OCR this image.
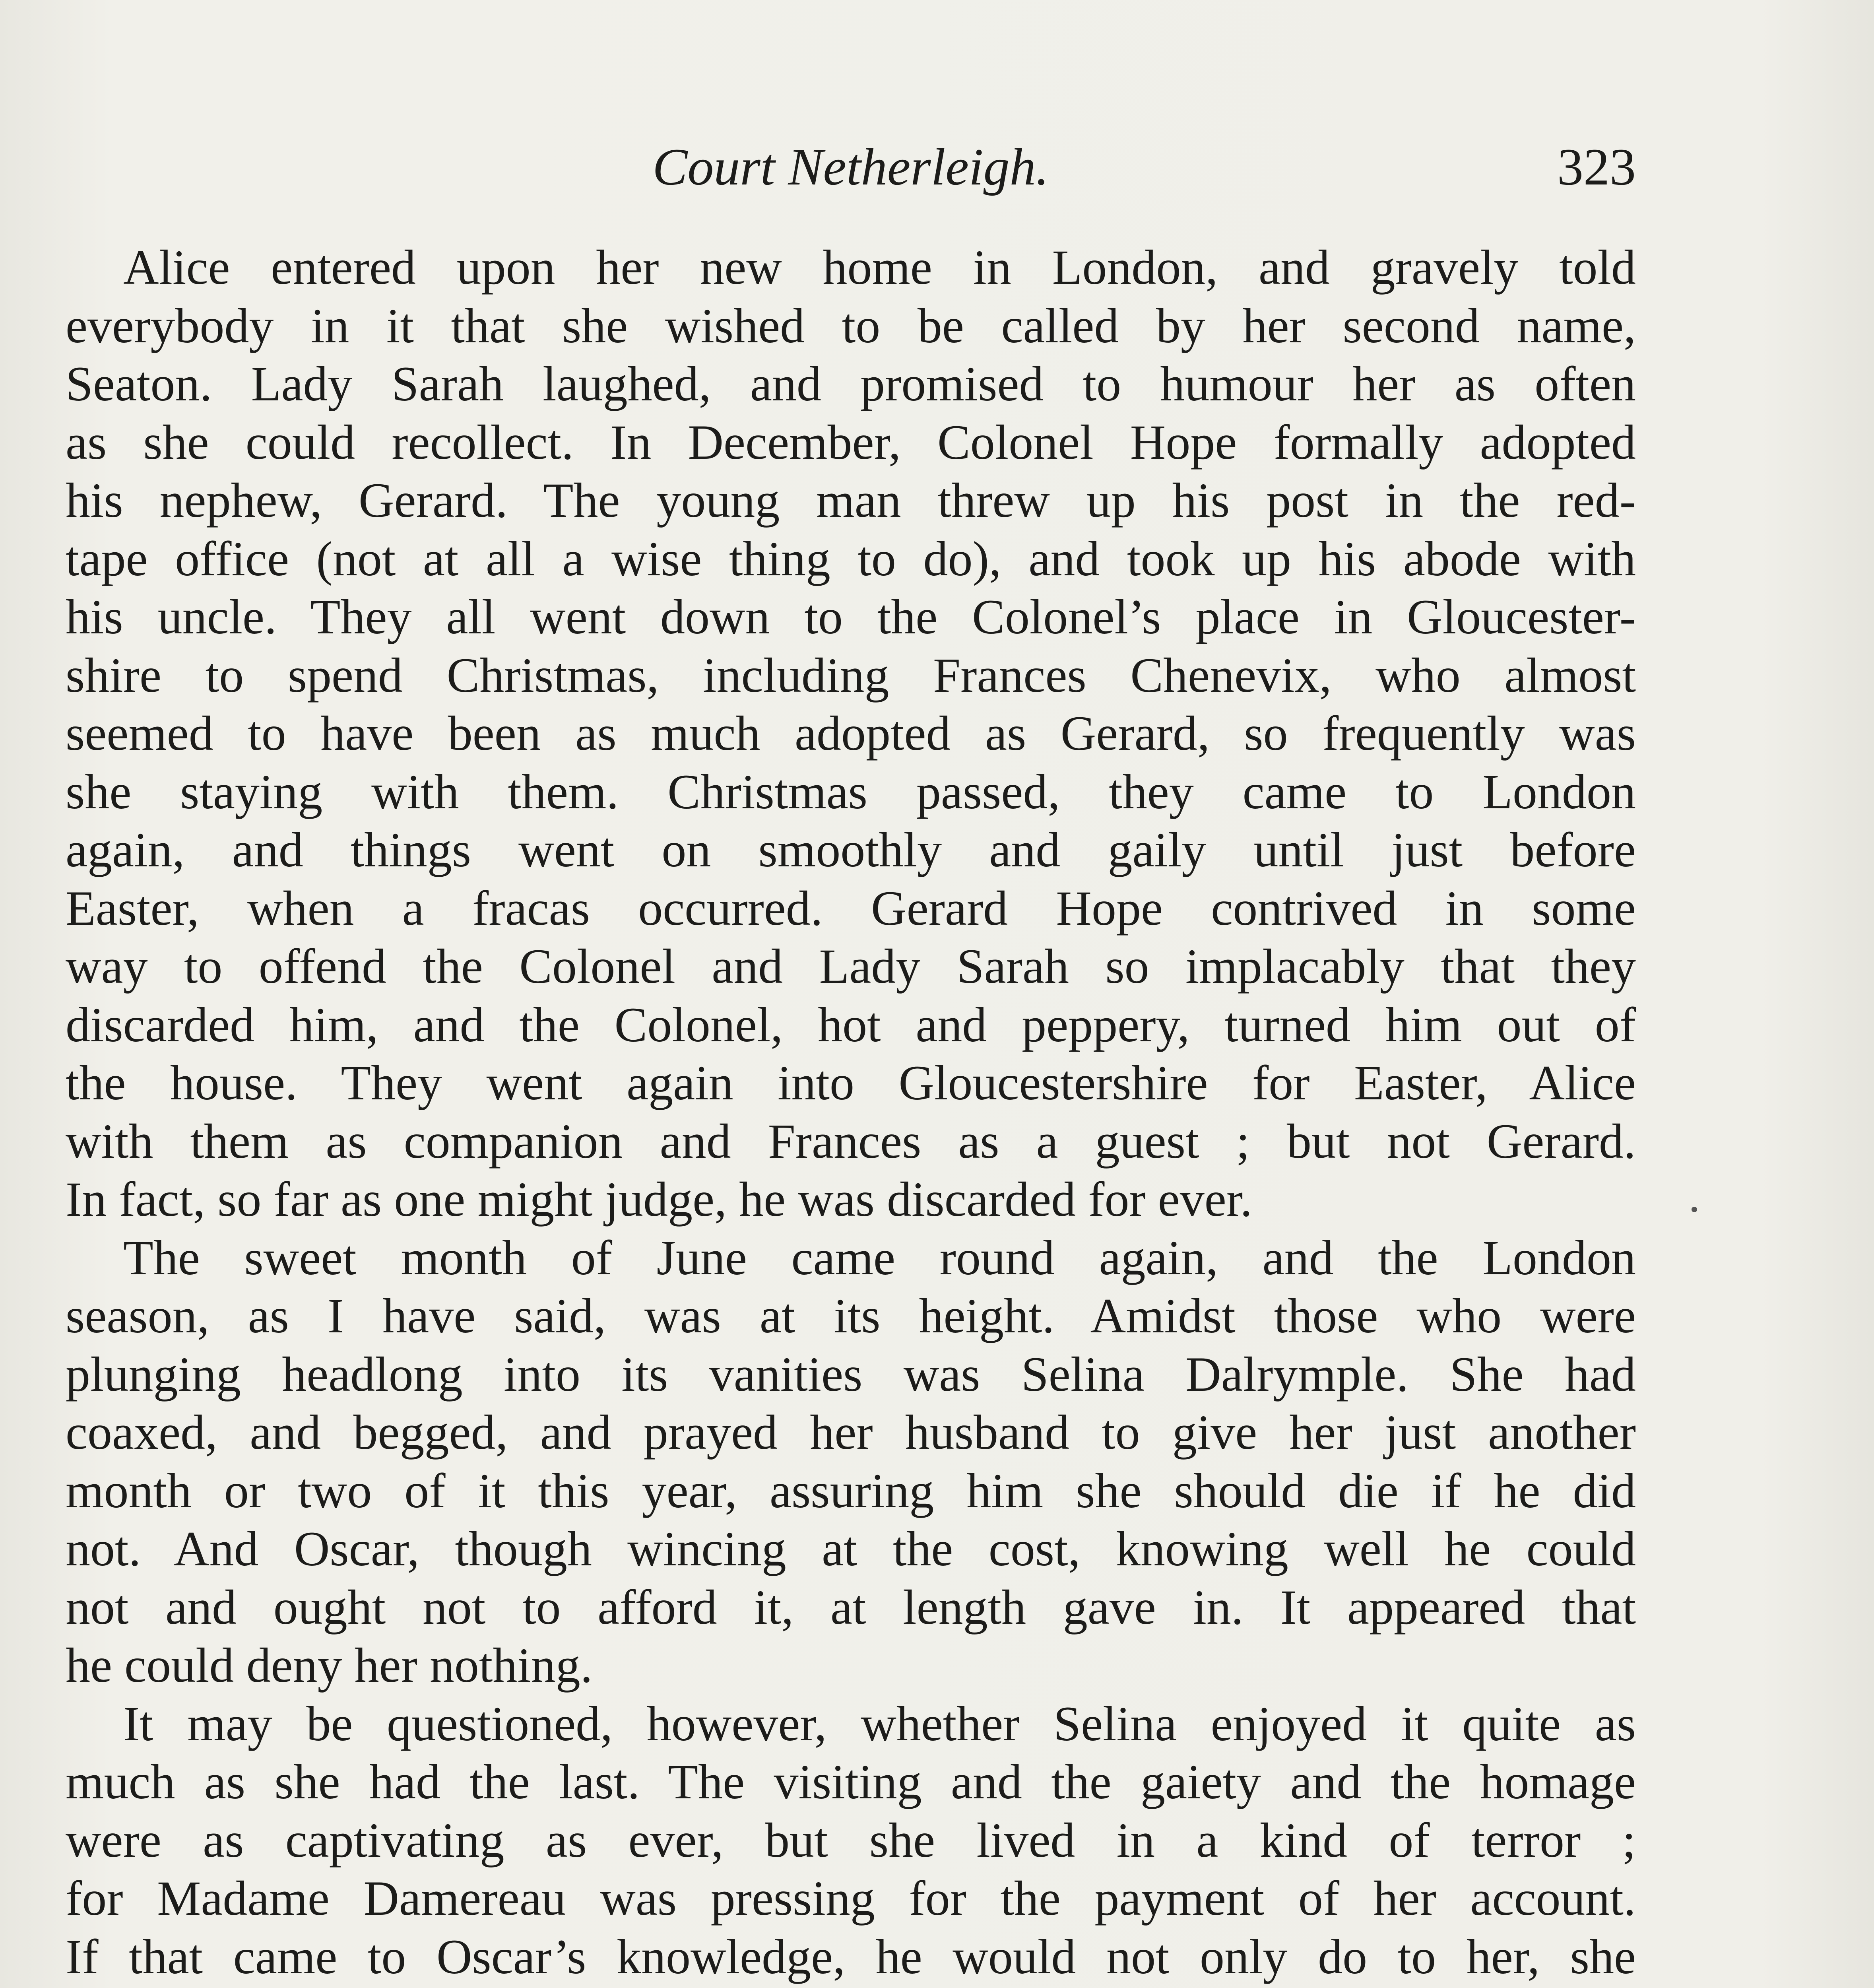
Court Netherleigh.	323
Alice entered upon her new home in London, and gravely told
everybody in it that she wished to be called by her second name,
Seaton. Lady Sarah laughed, and promised to humour her as often
as she could recollect. In December, Colonel Hope formally adopted
his nephew, Gerard. The young man threw up his post in the red-
tape office (not at all a wise thing to do), and took up his abode with
his uncle. They all went down to the Colonel’s place in Gloucester-
shire to spend Christmas, including Frances Chenevix, who almost
seemed to have been as much adopted as Gerard, so frequently was
she staying with them. Christmas passed, they came to London
again, and things went on smoothly and gaily until just before
Easter, when a fracas occurred. Gerard Hope contrived in some
way to offend the Colonel and Lady Sarah so implacably that they
discarded him, and the Colonel, hot and peppery, turned him out of
the house. They went again into Gloucestershire for Easter, Alice
with them as companion and Frances as a guest ; but not Gerard.
In fact, so far as one might judge, he was discarded for ever.
The sweet month of June came round again, and the London
season, as I have said, was at its height. Amidst those who were
plunging headlong into its vanities was Selina Dalrymple. She had
coaxed, and begged, and prayed her husband to give her just another
month or two of it this year, assuring him she should die if he did
not. And Oscar, though wincing at the cost, knowing well he could
not and ought not to afford it, at length gave in. It appeared that
he could deny her nothing.
It may be questioned, however, whether Selina enjoyed it quite as
much as she had the last. The visiting and the gaiety and the homage
were as captivating as ever, but she lived in a kind of terror ;
for Madame Damereau was pressing for the payment of her account.
If that came to Oscar’s knowledge, he would not only do to her, she
